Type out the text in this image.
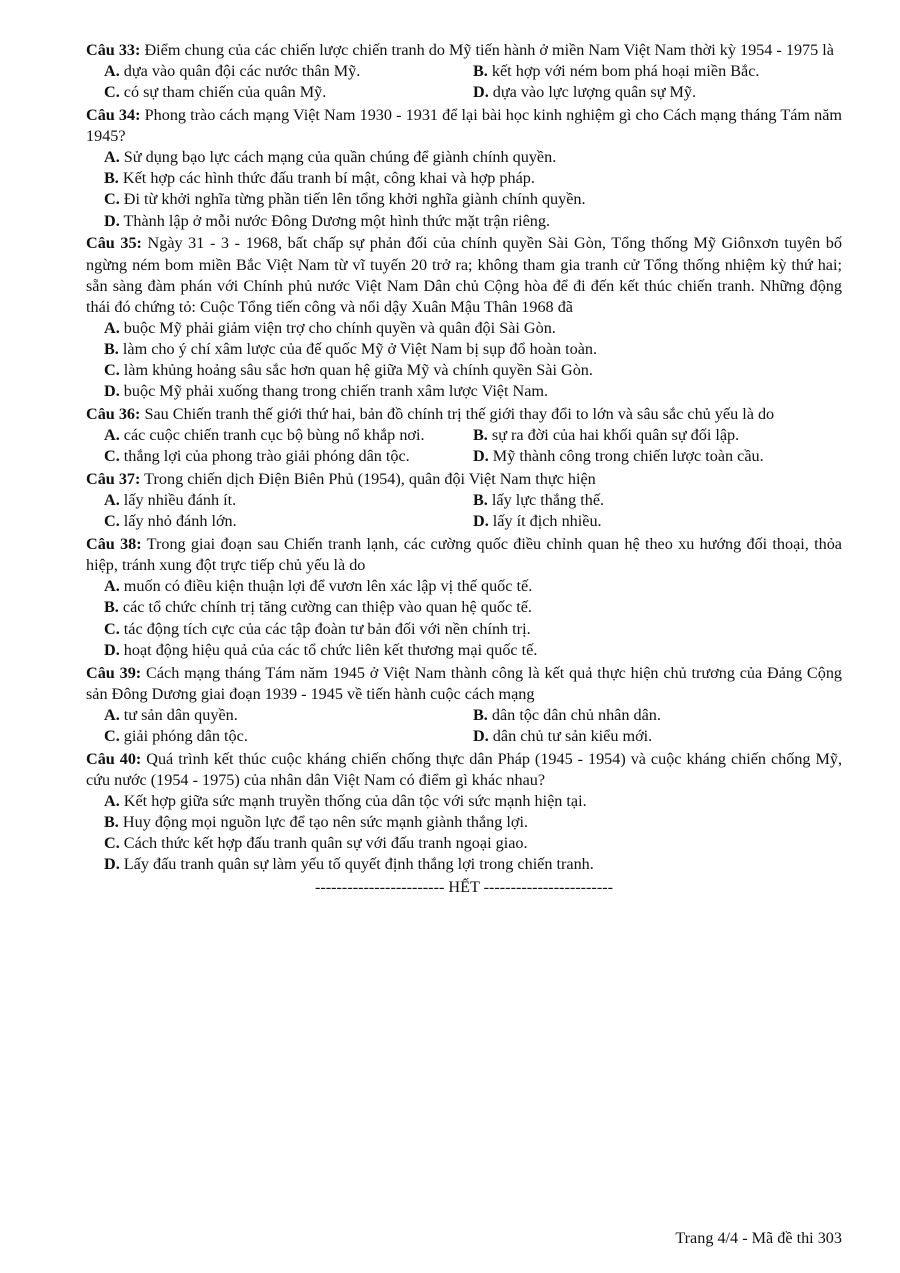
Câu 33: Điểm chung của các chiến lược chiến tranh do Mỹ tiến hành ở miền Nam Việt Nam thời kỳ 1954 - 1975 là

A. dựa vào quân đội các nước thân Mỹ.	B. kết hợp với ném bom phá hoại miền Bắc.

C. có sự tham chiến của quân Mỹ.	D. dựa vào lực lượng quân sự Mỹ.

Câu 34: Phong trào cách mạng Việt Nam 1930 - 1931 để lại bài học kinh nghiệm gì cho Cách mạng tháng Tám năm 1945?

A. Sử dụng bạo lực cách mạng của quần chúng để giành chính quyền.

B. Kết hợp các hình thức đấu tranh bí mật, công khai và hợp pháp.

C. Đi từ khởi nghĩa từng phần tiến lên tổng khởi nghĩa giành chính quyền.

D. Thành lập ở mỗi nước Đông Dương một hình thức mặt trận riêng.

Câu 35: Ngày 31 - 3 - 1968, bất chấp sự phản đối của chính quyền Sài Gòn, Tổng thống Mỹ Giônxơn tuyên bố ngừng ném bom miền Bắc Việt Nam từ vĩ tuyến 20 trở ra; không tham gia tranh cử Tổng thống nhiệm kỳ thứ hai; sẵn sàng đàm phán với Chính phủ nước Việt Nam Dân chủ Cộng hòa để đi đến kết thúc chiến tranh. Những động thái đó chứng tỏ: Cuộc Tổng tiến công và nổi dậy Xuân Mậu Thân 1968 đã

A. buộc Mỹ phải giảm viện trợ cho chính quyền và quân đội Sài Gòn.

B. làm cho ý chí xâm lược của đế quốc Mỹ ở Việt Nam bị sụp đổ hoàn toàn.

C. làm khủng hoảng sâu sắc hơn quan hệ giữa Mỹ và chính quyền Sài Gòn.

D. buộc Mỹ phải xuống thang trong chiến tranh xâm lược Việt Nam.

Câu 36: Sau Chiến tranh thế giới thứ hai, bản đồ chính trị thế giới thay đổi to lớn và sâu sắc chủ yếu là do

A. các cuộc chiến tranh cục bộ bùng nổ khắp nơi.	B. sự ra đời của hai khối quân sự đối lập.

C. thắng lợi của phong trào giải phóng dân tộc.	D. Mỹ thành công trong chiến lược toàn cầu.

Câu 37: Trong chiến dịch Điện Biên Phủ (1954), quân đội Việt Nam thực hiện

A. lấy nhiều đánh ít.	B. lấy lực thắng thế.

C. lấy nhỏ đánh lớn.	D. lấy ít địch nhiều.

Câu 38: Trong giai đoạn sau Chiến tranh lạnh, các cường quốc điều chỉnh quan hệ theo xu hướng đối thoại, thỏa hiệp, tránh xung đột trực tiếp chủ yếu là do

A. muốn có điều kiện thuận lợi để vươn lên xác lập vị thế quốc tế.

B. các tổ chức chính trị tăng cường can thiệp vào quan hệ quốc tế.

C. tác động tích cực của các tập đoàn tư bản đối với nền chính trị.

D. hoạt động hiệu quả của các tổ chức liên kết thương mại quốc tế.

Câu 39: Cách mạng tháng Tám năm 1945 ở Việt Nam thành công là kết quả thực hiện chủ trương của Đảng Cộng sản Đông Dương giai đoạn 1939 - 1945 về tiến hành cuộc cách mạng

A. tư sản dân quyền.	B. dân tộc dân chủ nhân dân.

C. giải phóng dân tộc.	D. dân chủ tư sản kiểu mới.

Câu 40: Quá trình kết thúc cuộc kháng chiến chống thực dân Pháp (1945 - 1954) và cuộc kháng chiến chống Mỹ, cứu nước (1954 - 1975) của nhân dân Việt Nam có điểm gì khác nhau?

A. Kết hợp giữa sức mạnh truyền thống của dân tộc với sức mạnh hiện tại.

B. Huy động mọi nguồn lực để tạo nên sức mạnh giành thắng lợi.

C. Cách thức kết hợp đấu tranh quân sự với đấu tranh ngoại giao.

D. Lấy đấu tranh quân sự làm yếu tố quyết định thắng lợi trong chiến tranh.

------------------------ HẾT ------------------------

Trang 4/4 - Mã đề thi 303
